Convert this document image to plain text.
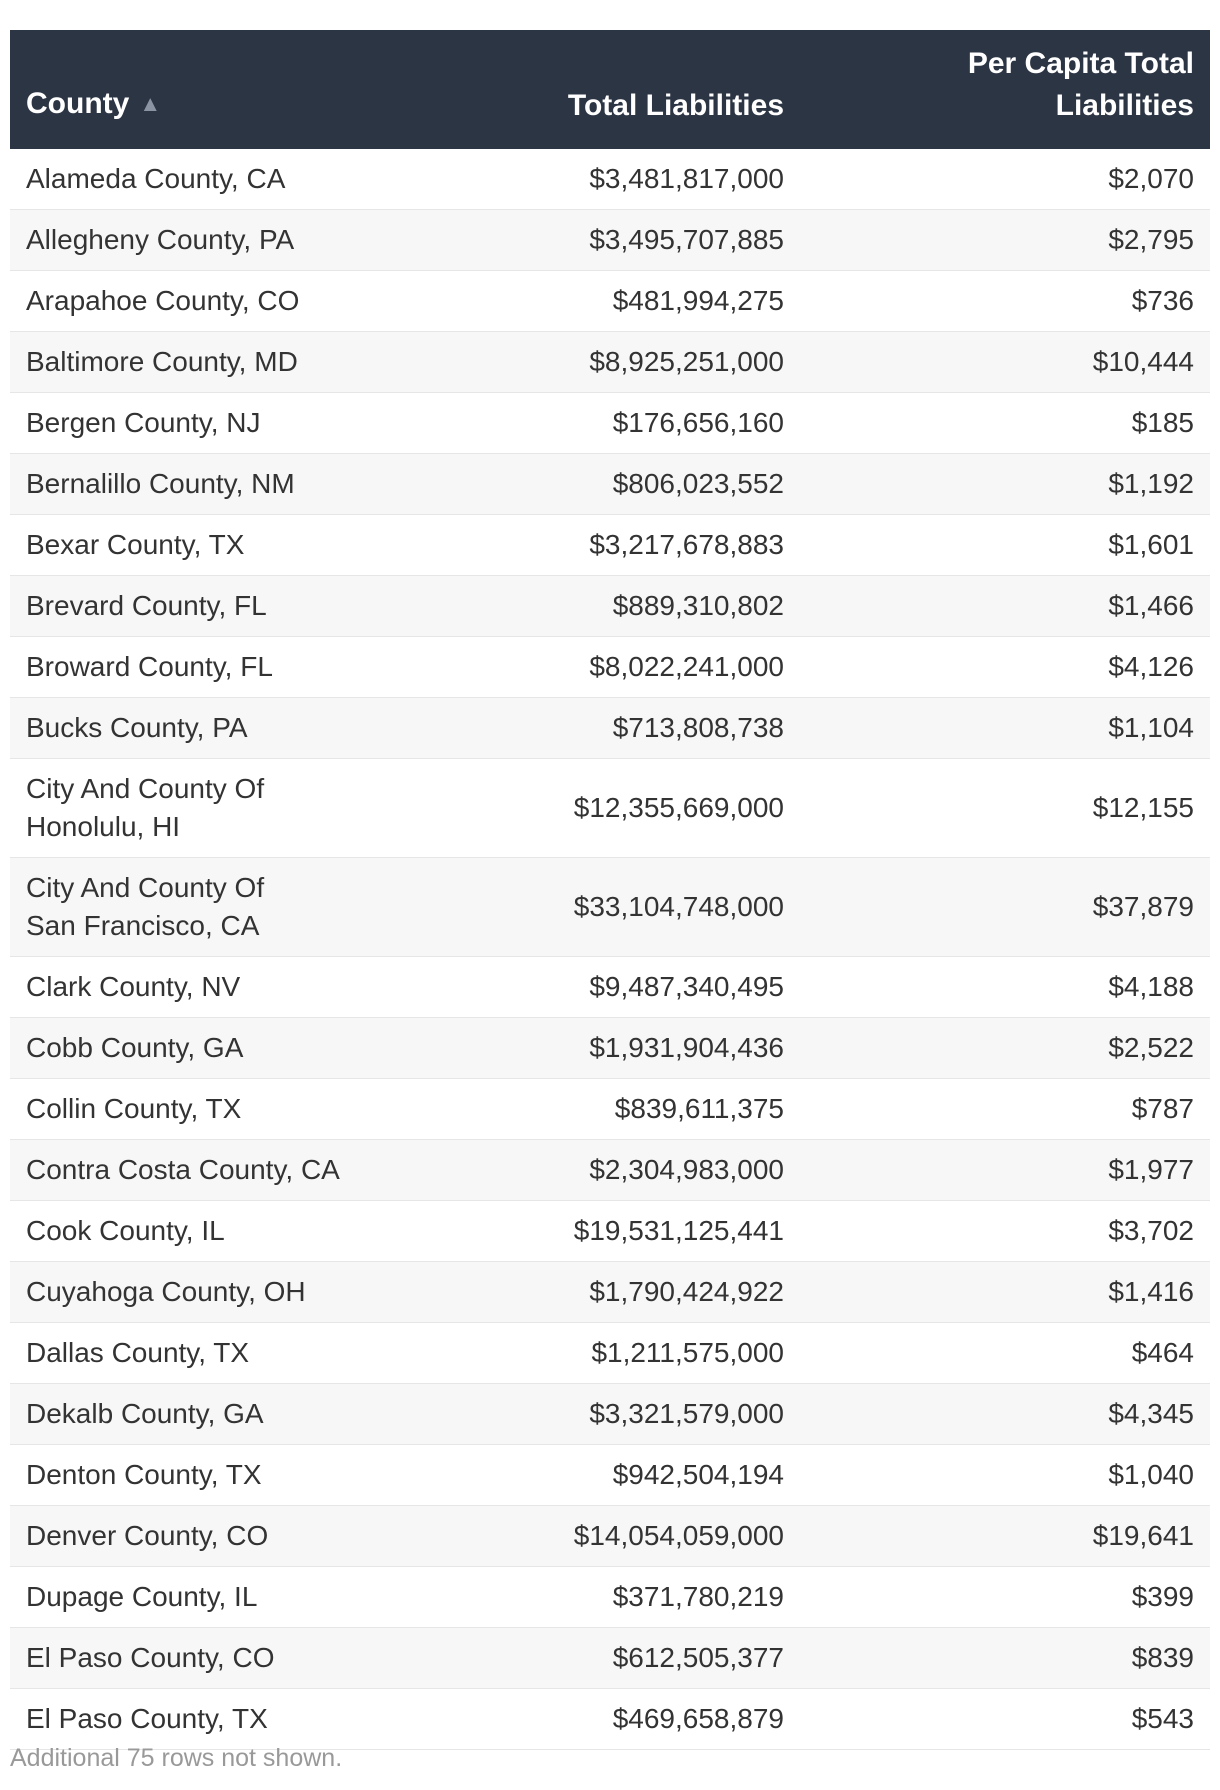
County ▲	Total Liabilities	Per Capita Total Liabilities
Alameda County, CA	$3,481,817,000	$2,070
Allegheny County, PA	$3,495,707,885	$2,795
Arapahoe County, CO	$481,994,275	$736
Baltimore County, MD	$8,925,251,000	$10,444
Bergen County, NJ	$176,656,160	$185
Bernalillo County, NM	$806,023,552	$1,192
Bexar County, TX	$3,217,678,883	$1,601
Brevard County, FL	$889,310,802	$1,466
Broward County, FL	$8,022,241,000	$4,126
Bucks County, PA	$713,808,738	$1,104
City And County Of Honolulu, HI	$12,355,669,000	$12,155
City And County Of San Francisco, CA	$33,104,748,000	$37,879
Clark County, NV	$9,487,340,495	$4,188
Cobb County, GA	$1,931,904,436	$2,522
Collin County, TX	$839,611,375	$787
Contra Costa County, CA	$2,304,983,000	$1,977
Cook County, IL	$19,531,125,441	$3,702
Cuyahoga County, OH	$1,790,424,922	$1,416
Dallas County, TX	$1,211,575,000	$464
Dekalb County, GA	$3,321,579,000	$4,345
Denton County, TX	$942,504,194	$1,040
Denver County, CO	$14,054,059,000	$19,641
Dupage County, IL	$371,780,219	$399
El Paso County, CO	$612,505,377	$839
El Paso County, TX	$469,658,879	$543
Additional 75 rows not shown.
